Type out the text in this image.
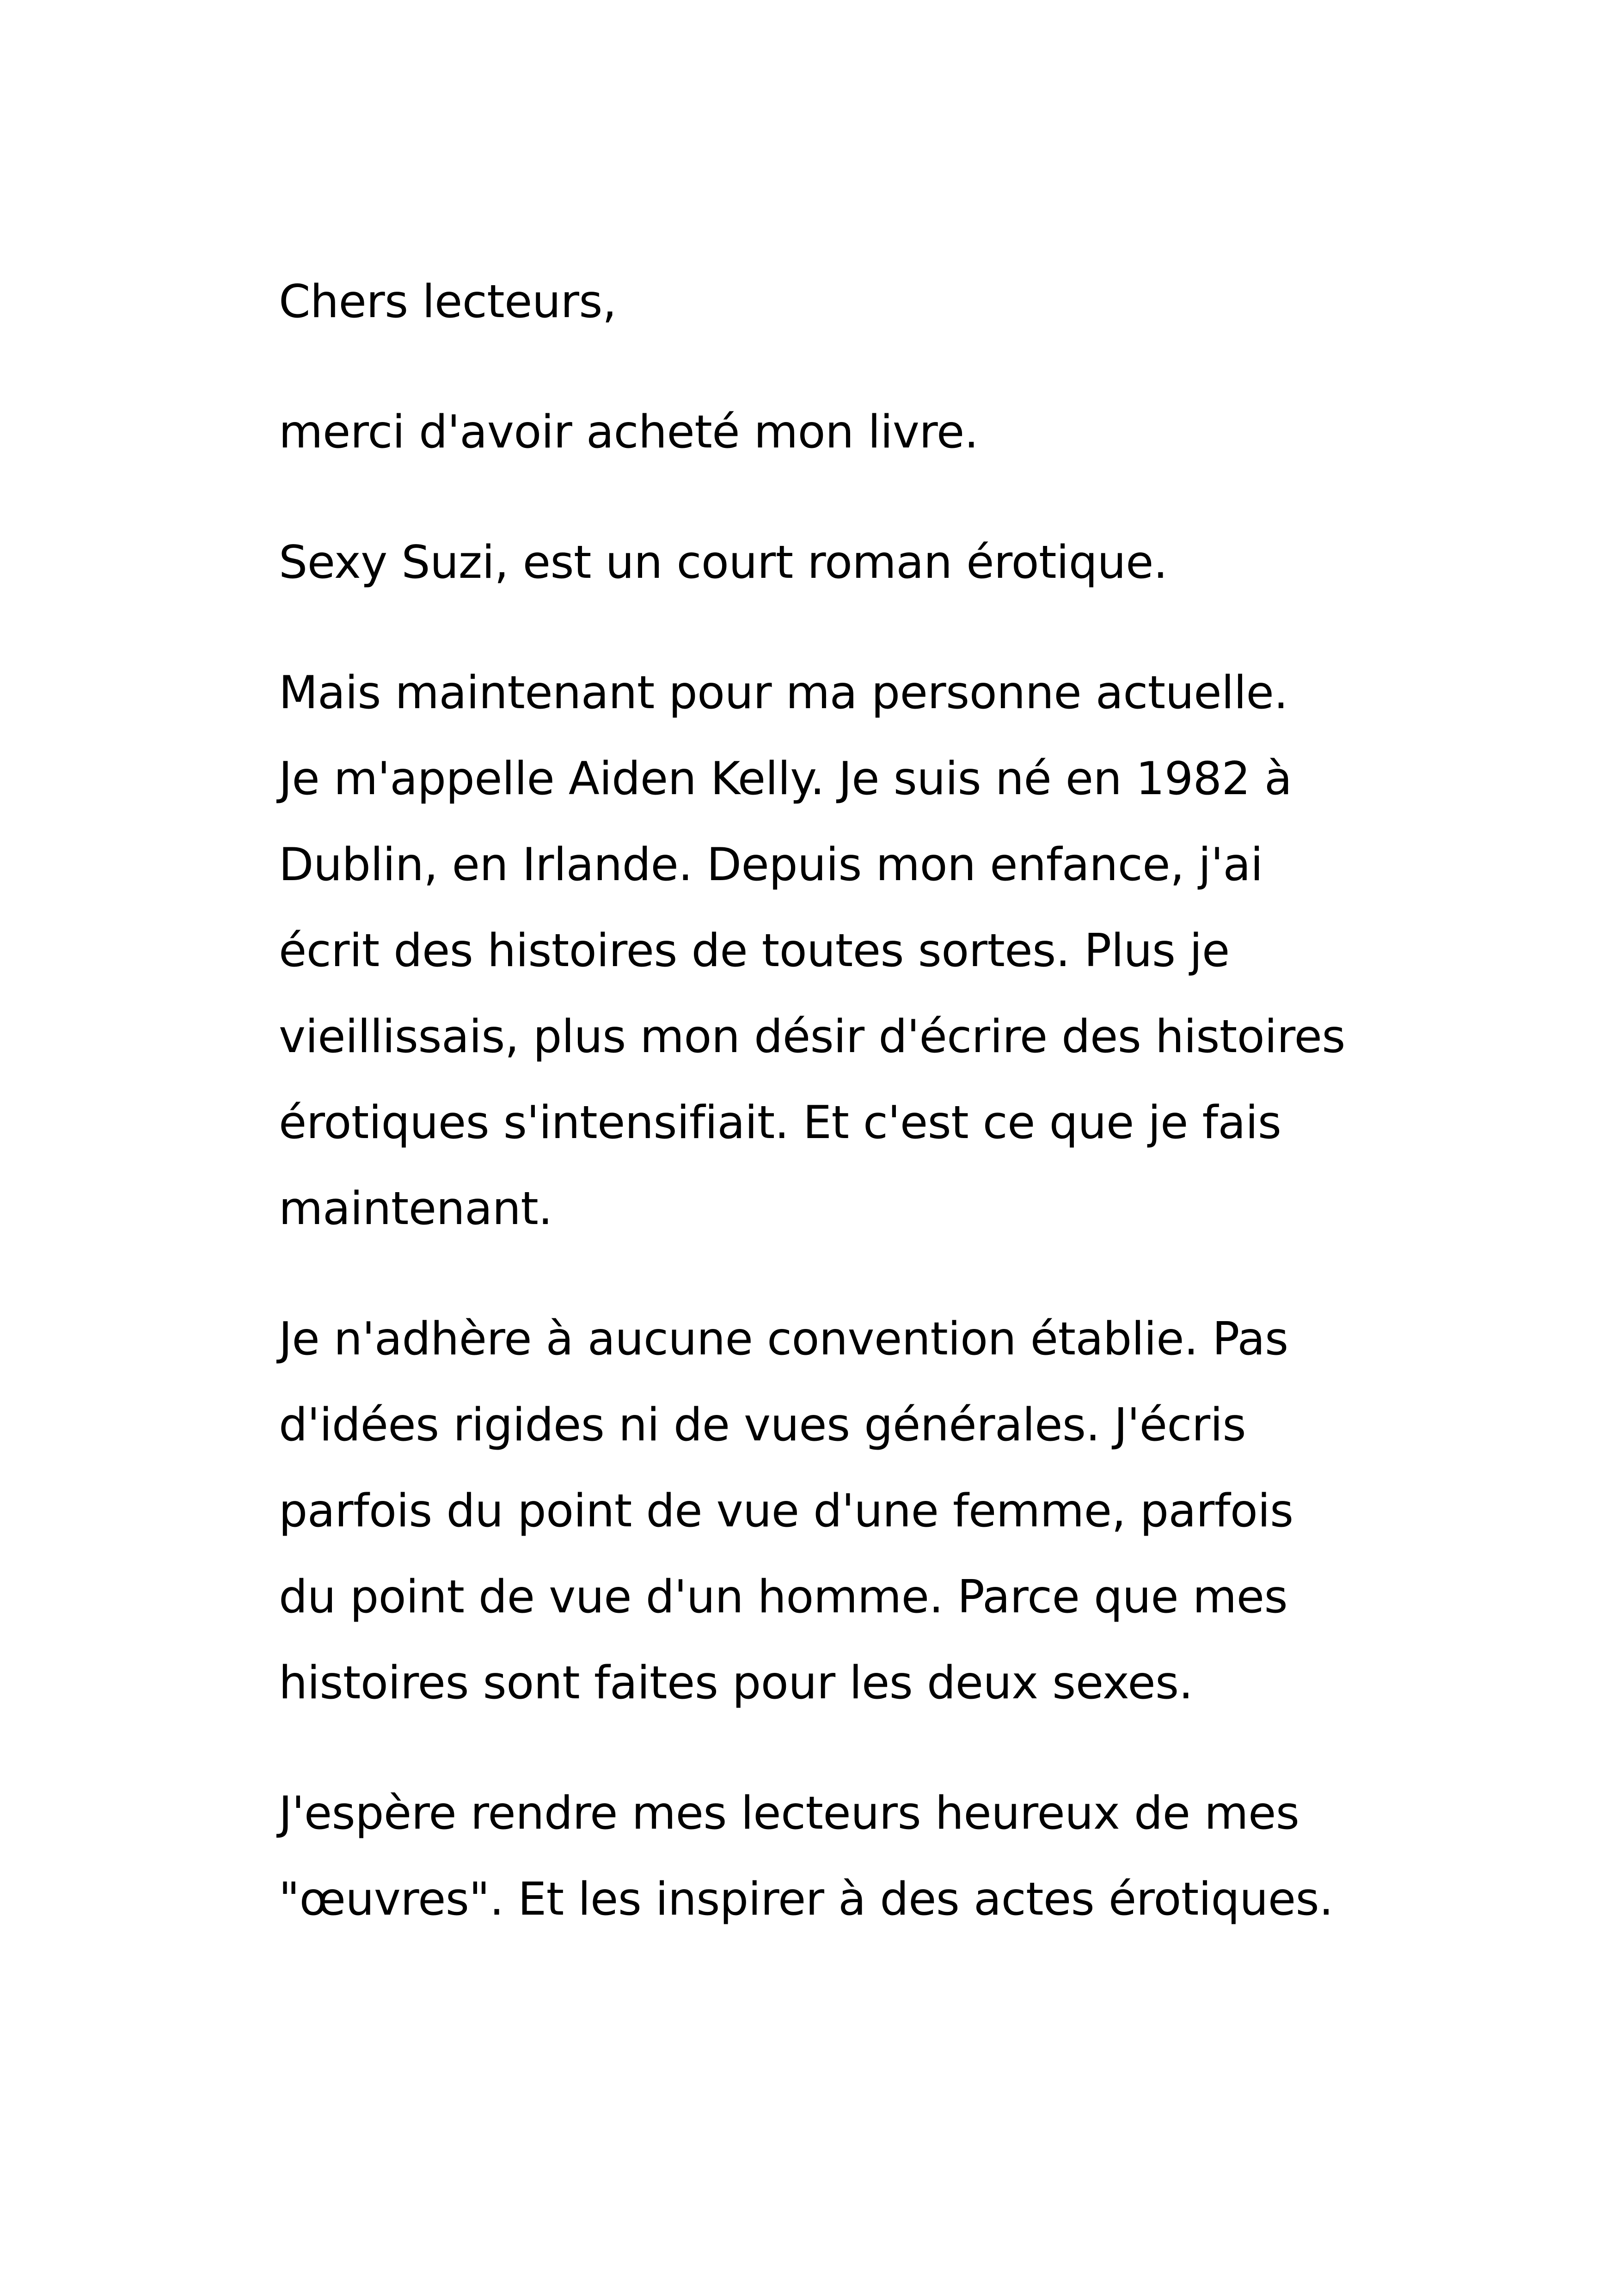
Chers lecteurs,

merci d'avoir acheté mon livre.

Sexy Suzi, est un court roman érotique.

Mais maintenant pour ma personne actuelle.
Je m'appelle Aiden Kelly. Je suis né en 1982 à
Dublin, en Irlande. Depuis mon enfance, j'ai
écrit des histoires de toutes sortes. Plus je
vieillissais, plus mon désir d'écrire des histoires
érotiques s'intensifiait. Et c'est ce que je fais
maintenant.

Je n'adhère à aucune convention établie. Pas
d'idées rigides ni de vues générales. J'écris
parfois du point de vue d'une femme, parfois
du point de vue d'un homme. Parce que mes
histoires sont faites pour les deux sexes.

J'espère rendre mes lecteurs heureux de mes
"œuvres". Et les inspirer à des actes érotiques.
